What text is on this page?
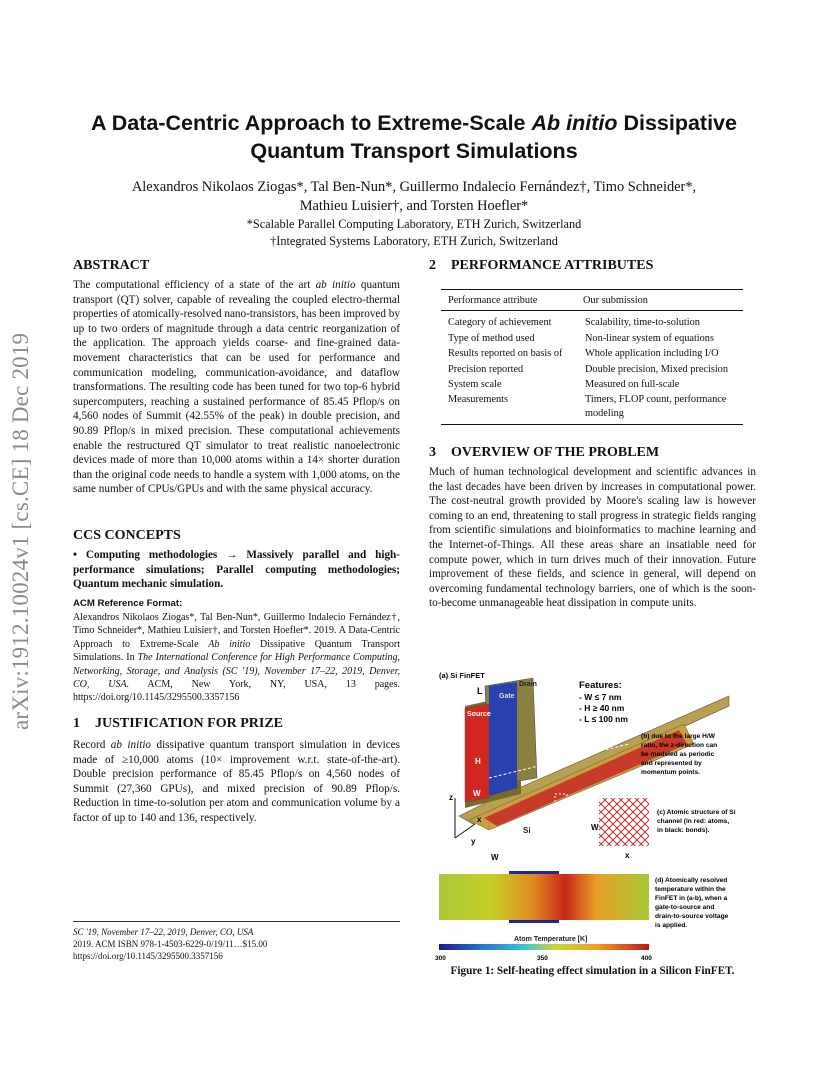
arXiv:1912.10024v1 [cs.CE] 18 Dec 2019
A Data-Centric Approach to Extreme-Scale Ab initio Dissipative
Quantum Transport Simulations
Alexandros Nikolaos Ziogas*, Tal Ben-Nun*, Guillermo Indalecio Fernández†, Timo Schneider*,
Mathieu Luisier†, and Torsten Hoefler*
*Scalable Parallel Computing Laboratory, ETH Zurich, Switzerland
†Integrated Systems Laboratory, ETH Zurich, Switzerland
ABSTRACT
The computational efficiency of a state of the art ab initio quantum transport (QT) solver, capable of revealing the coupled electro-thermal properties of atomically-resolved nano-transistors, has been improved by up to two orders of magnitude through a data centric reorganization of the application. The approach yields coarse- and fine-grained data-movement characteristics that can be used for performance and communication modeling, communication-avoidance, and dataflow transformations. The resulting code has been tuned for two top-6 hybrid supercomputers, reaching a sustained performance of 85.45 Pflop/s on 4,560 nodes of Summit (42.55% of the peak) in double precision, and 90.89 Pflop/s in mixed precision. These computational achievements enable the restructured QT simulator to treat realistic nanoelectronic devices made of more than 10,000 atoms within a 14× shorter duration than the original code needs to handle a system with 1,000 atoms, on the same number of CPUs/GPUs and with the same physical accuracy.
CCS CONCEPTS
• Computing methodologies → Massively parallel and high-performance simulations; Parallel computing methodologies; Quantum mechanic simulation.
ACM Reference Format:
Alexandros Nikolaos Ziogas*, Tal Ben-Nun*, Guillermo Indalecio Fernández†, Timo Schneider*, Mathieu Luisier†, and Torsten Hoefler*. 2019. A Data-Centric Approach to Extreme-Scale Ab initio Dissipative Quantum Transport Simulations. In The International Conference for High Performance Computing, Networking, Storage, and Analysis (SC '19), November 17–22, 2019, Denver, CO, USA. ACM, New York, NY, USA, 13 pages. https://doi.org/10.1145/3295500.3357156
1 JUSTIFICATION FOR PRIZE
Record ab initio dissipative quantum transport simulation in devices made of ≥10,000 atoms (10× improvement w.r.t. state-of-the-art). Double precision performance of 85.45 Pflop/s on 4,560 nodes of Summit (27,360 GPUs), and mixed precision of 90.89 Pflop/s. Reduction in time-to-solution per atom and communication volume by a factor of up to 140 and 136, respectively.
SC '19, November 17–22, 2019, Denver, CO, USA
2019. ACM ISBN 978-1-4503-6229-0/19/11…$15.00
https://doi.org/10.1145/3295500.3357156
2 PERFORMANCE ATTRIBUTES
Performance attribute	Our submission
Category of achievement	Scalability, time-to-solution
Type of method used	Non-linear system of equations
Results reported on basis of	Whole application including I/O
Precision reported	Double precision, Mixed precision
System scale	Measured on full-scale
Measurements	Timers, FLOP count, performance modeling
3 OVERVIEW OF THE PROBLEM
Much of human technological development and scientific advances in the last decades have been driven by increases in computational power. The cost-neutral growth provided by Moore's scaling law is however coming to an end, threatening to stall progress in strategic fields ranging from scientific simulations and bioinformatics to machine learning and the Internet-of-Things. All these areas share an insatiable need for compute power, which in turn drives much of their innovation. Future improvement of these fields, and science in general, will depend on overcoming fundamental technology barriers, one of which is the soon-to-become unmanageable heat dissipation in compute units.
(a) Si FinFET
L
Drain
Gate
Source
H
W
Si
z
x
y
W
Features:
- W ≤ 7 nm
- H ≥ 40 nm
- L ≤ 100 nm
(b) due to the large H/W
ratio, the z-direction can
be modeled as periodic
and represented by
momentum points.
W
x
(c) Atomic structure of Si
channel (in red: atoms,
in black: bonds).
Atom Temperature [K]
300	350	400
(d) Atomically resolved
temperature within the
FinFET in (a-b), when a
gate-to-source and
drain-to-source voltage
is applied.
Figure 1: Self-heating effect simulation in a Silicon FinFET.
